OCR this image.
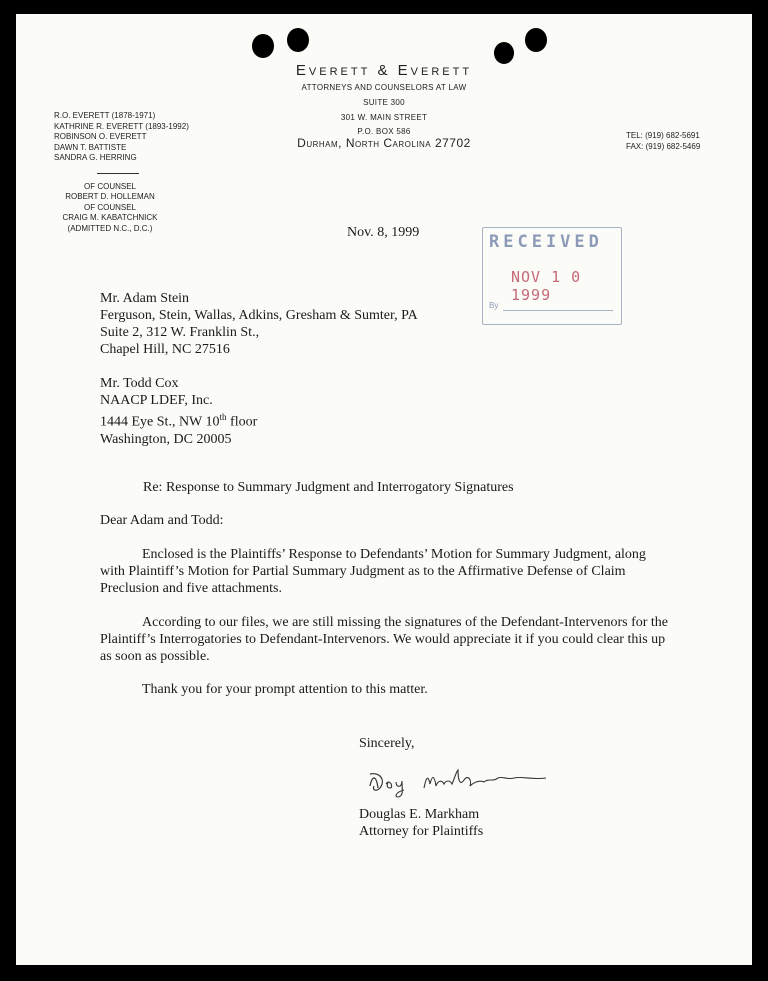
Everett & Everett
ATTORNEYS AND COUNSELORS AT LAW
SUITE 300
301 W. MAIN STREET
P.O. BOX 586
Durham, North Carolina 27702
R.O. EVERETT (1878-1971)
KATHRINE R. EVERETT (1893-1992)
ROBINSON O. EVERETT
DAWN T. BATTISTE
SANDRA G. HERRING
OF COUNSEL
ROBERT D. HOLLEMAN
OF COUNSEL
CRAIG M. KABATCHNICK
(ADMITTED N.C., D.C.)
TEL: (919) 682-5691
FAX: (919) 682-5469
Nov. 8, 1999	RECEIVED
NOV 1 0 1999
By
Mr. Adam Stein
Ferguson, Stein, Wallas, Adkins, Gresham & Sumter, PA
Suite 2, 312 W. Franklin St.,
Chapel Hill, NC 27516
Mr. Todd Cox
NAACP LDEF, Inc.
1444 Eye St., NW 10th floor
Washington, DC 20005
Re: Response to Summary Judgment and Interrogatory Signatures
Dear Adam and Todd:
Enclosed is the Plaintiffs’ Response to Defendants’ Motion for Summary Judgment, along with Plaintiff’s Motion for Partial Summary Judgment as to the Affirmative Defense of Claim Preclusion and five attachments.
According to our files, we are still missing the signatures of the Defendant-Intervenors for the Plaintiff’s Interrogatories to Defendant-Intervenors. We would appreciate it if you could clear this up as soon as possible.
Thank you for your prompt attention to this matter.
Sincerely,
Douglas E. Markham
Attorney for Plaintiffs
